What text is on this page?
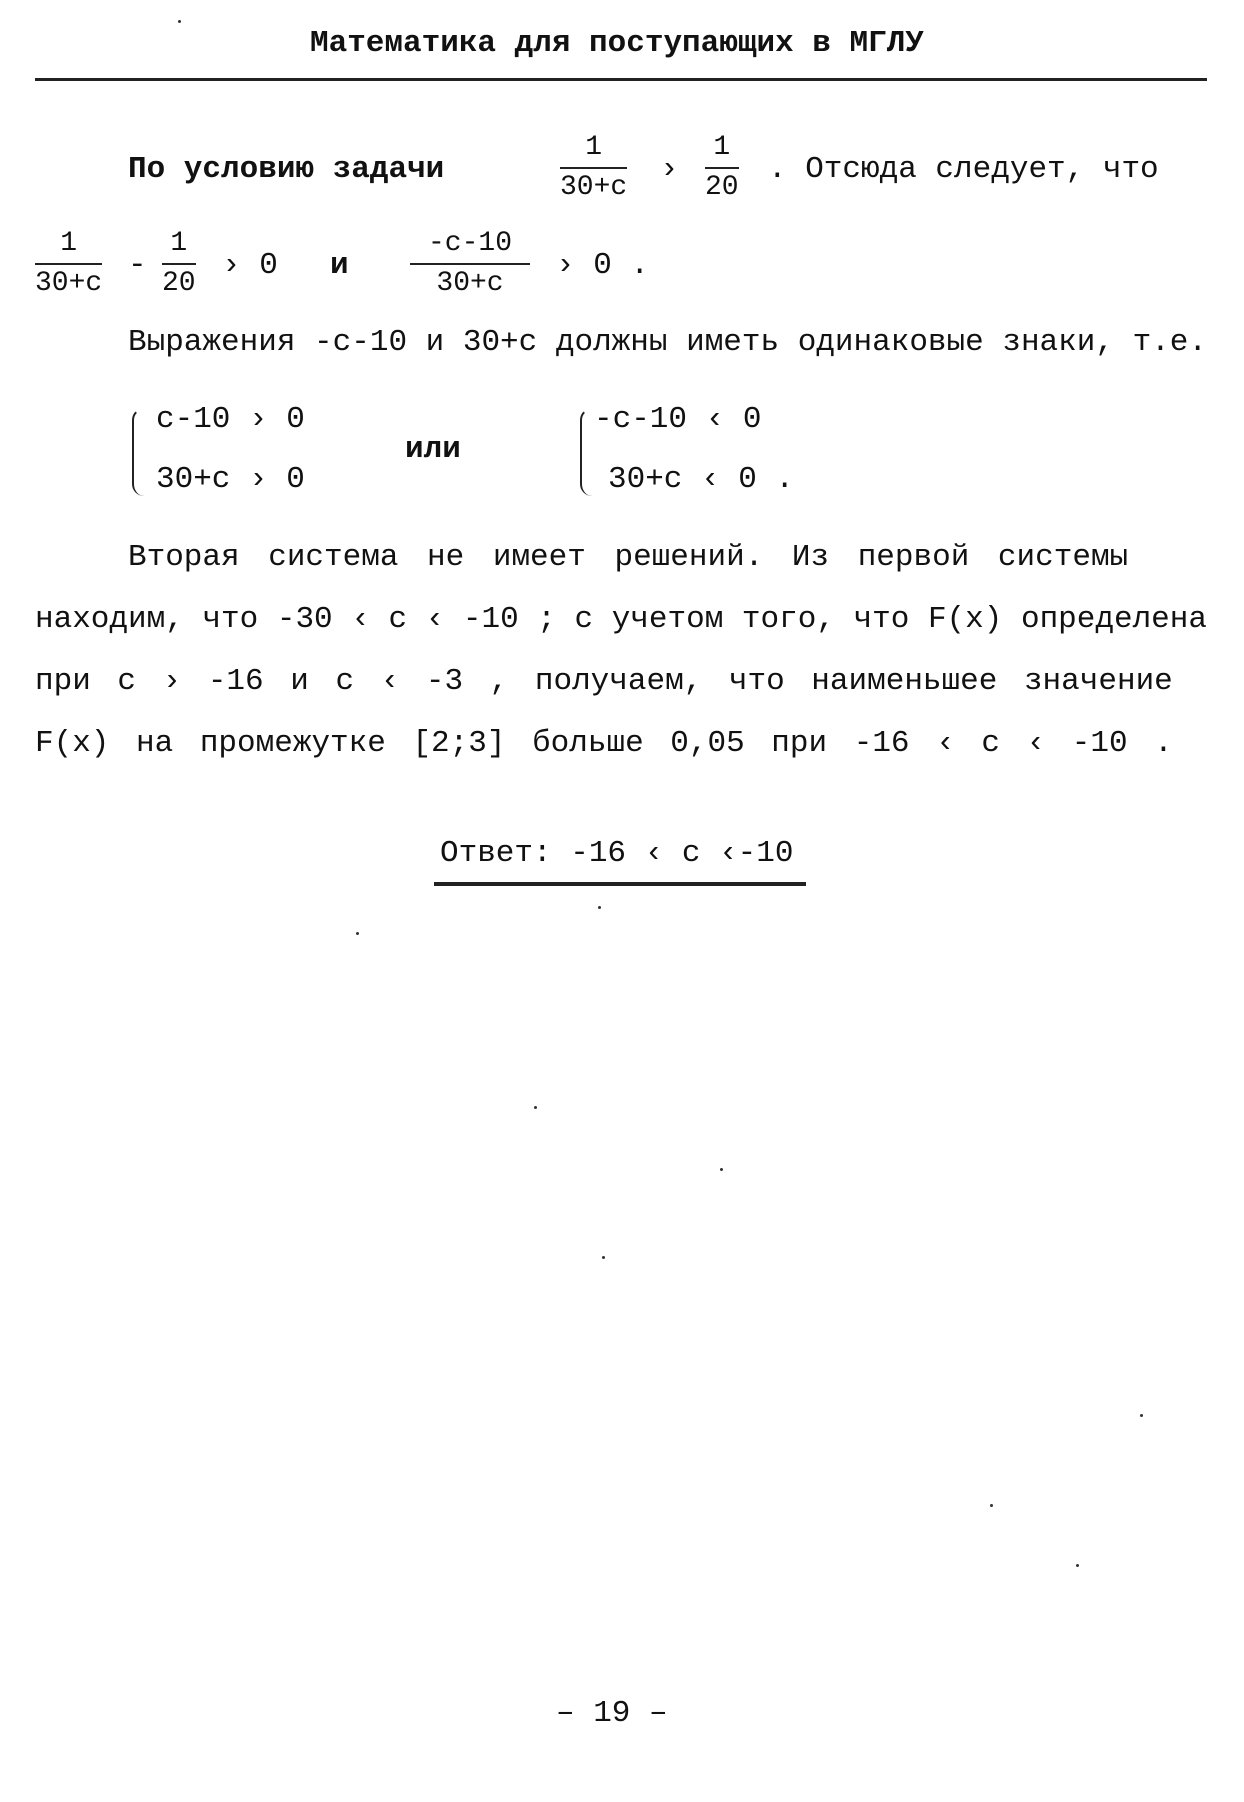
Математика для поступающих в МГЛУ
По условию задачи
1
30+c
›
1
20
. Отсюда следует, что
1
30+c
-
1
20
› 0 и
-c-10
30+c
› 0 .
Выражения -c-10 и 30+c должны иметь одинаковые знаки, т.е.
c-10 › 0
30+c › 0
или
-c-10 ‹ 0
30+c ‹ 0 .
Вторая система не имеет решений. Из первой системы
находим, что -30 ‹ c ‹ -10 ; с учетом того, что F(x) определена
при c › -16 и c ‹ -3 , получаем, что наименьшее значение
F(x) на промежутке [2;3] больше 0,05 при -16 ‹ c ‹ -10 .
Ответ: -16 ‹ c ‹-10
– 19 –
